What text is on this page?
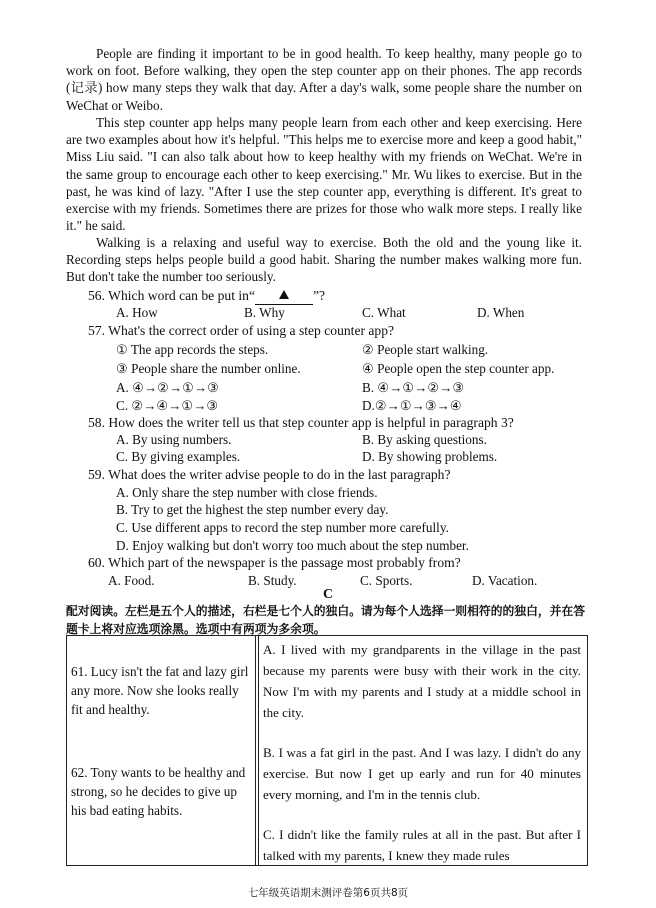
People are finding it important to be in good health. To keep healthy, many people go to work on foot. Before walking, they open the step counter app on their phones. The app records (记录) how many steps they walk that day. After a day's walk, some people share the number on WeChat or Weibo.

This step counter app helps many people learn from each other and keep exercising. Here are two examples about how it's helpful. "This helps me to exercise more and keep a good habit," Miss Liu said. "I can also talk about how to keep healthy with my friends on WeChat. We're in the same group to encourage each other to keep exercising." Mr. Wu likes to exercise. But in the past, he was kind of lazy. "After I use the step counter app, everything is different. It's great to exercise with my friends. Sometimes there are prizes for those who walk more steps. I really like it." he said.

Walking is a relaxing and useful way to exercise. Both the old and the young like it. Recording steps helps people build a good habit. Sharing the number makes walking more fun. But don't take the number too seriously.

56. Which word can be put in“	”?
A. How	B. Why	C. What	D. When
57. What's the correct order of using a step counter app?
① The app records the steps.	② People start walking.
③ People share the number online.	④ People open the step counter app.
A. ④→②→①→③	B. ④→①→②→③
C. ②→④→①→③	D.②→①→③→④
58. How does the writer tell us that step counter app is helpful in paragraph 3?
A. By using numbers.	B. By asking questions.
C. By giving examples.	D. By showing problems.
59. What does the writer advise people to do in the last paragraph?
A. Only share the step number with close friends.
B. Try to get the highest the step number every day.
C. Use different apps to record the step number more carefully.
D. Enjoy walking but don't worry too much about the step number.
60. Which part of the newspaper is the passage most probably from?
A. Food.	B. Study.	C. Sports.	D. Vacation.
C
配对阅读。左栏是五个人的描述，右栏是七个人的独白。请为每个人选择一则相符的的独白，并在答题卡上将对应选项涂黑。选项中有两项为多余项。
61. Lucy isn't the fat and lazy girl any more. Now she looks really fit and healthy.
62. Tony wants to be healthy and strong, so he decides to give up his bad eating habits.
A. I lived with my grandparents in the village in the past because my parents were busy with their work in the city. Now I'm with my parents and I study at a middle school in the city.
B. I was a fat girl in the past. And I was lazy. I didn't do any exercise. But now I get up early and run for 40 minutes every morning, and I'm in the tennis club.
C. I didn't like the family rules at all in the past. But after I talked with my parents, I knew they made rules
七年级英语期末测评卷第6页共8页
